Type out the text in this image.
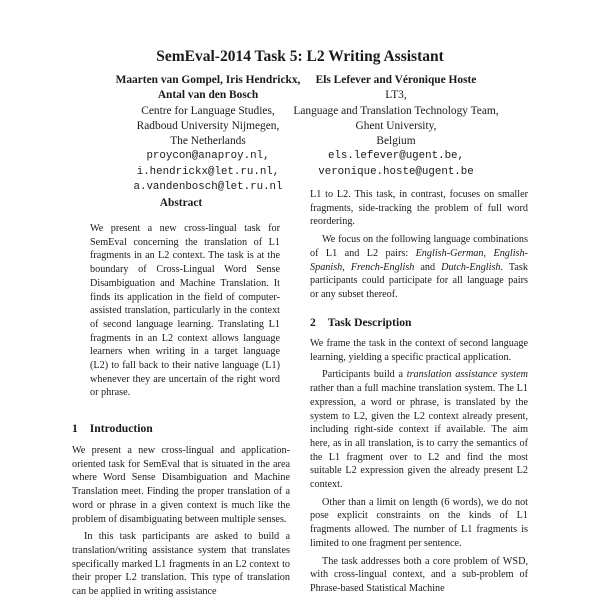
SemEval-2014 Task 5: L2 Writing Assistant
Maarten van Gompel, Iris Hendrickx,
Antal van den Bosch
Centre for Language Studies,
Radboud University Nijmegen,
The Netherlands
proycon@anaproy.nl,
i.hendrickx@let.ru.nl,
a.vandenbosch@let.ru.nl
Els Lefever and Véronique Hoste
LT3,
Language and Translation Technology Team,
Ghent University,
Belgium
els.lefever@ugent.be,
veronique.hoste@ugent.be
Abstract

We present a new cross-lingual task for SemEval concerning the translation of L1 fragments in an L2 context. The task is at the boundary of Cross-Lingual Word Sense Disambiguation and Machine Translation. It finds its application in the field of computer-assisted translation, particularly in the context of second language learning. Translating L1 fragments in an L2 context allows language learners when writing in a target language (L2) to fall back to their native language (L1) whenever they are uncertain of the right word or phrase.

1 Introduction

We present a new cross-lingual and application-oriented task for SemEval that is situated in the area where Word Sense Disambiguation and Machine Translation meet. Finding the proper translation of a word or phrase in a given context is much like the problem of disambiguating between multiple senses.

In this task participants are asked to build a translation/writing assistance system that translates specifically marked L1 fragments in an L2 context to their proper L2 translation. This type of translation can be applied in writing assistance

L1 to L2. This task, in contrast, focuses on smaller fragments, side-tracking the problem of full word reordering.

We focus on the following language combinations of L1 and L2 pairs: English-German, English-Spanish, French-English and Dutch-English. Task participants could participate for all language pairs or any subset thereof.

2 Task Description

We frame the task in the context of second language learning, yielding a specific practical application.

Participants build a translation assistance system rather than a full machine translation system. The L1 expression, a word or phrase, is translated by the system to L2, given the L2 context already present, including right-side context if available. The aim here, as in all translation, is to carry the semantics of the L1 fragment over to L2 and find the most suitable L2 expression given the already present L2 context.

Other than a limit on length (6 words), we do not pose explicit constraints on the kinds of L1 fragments allowed. The number of L1 fragments is limited to one fragment per sentence.

The task addresses both a core problem of WSD, with cross-lingual context, and a sub-problem of Phrase-based Statistical Machine
